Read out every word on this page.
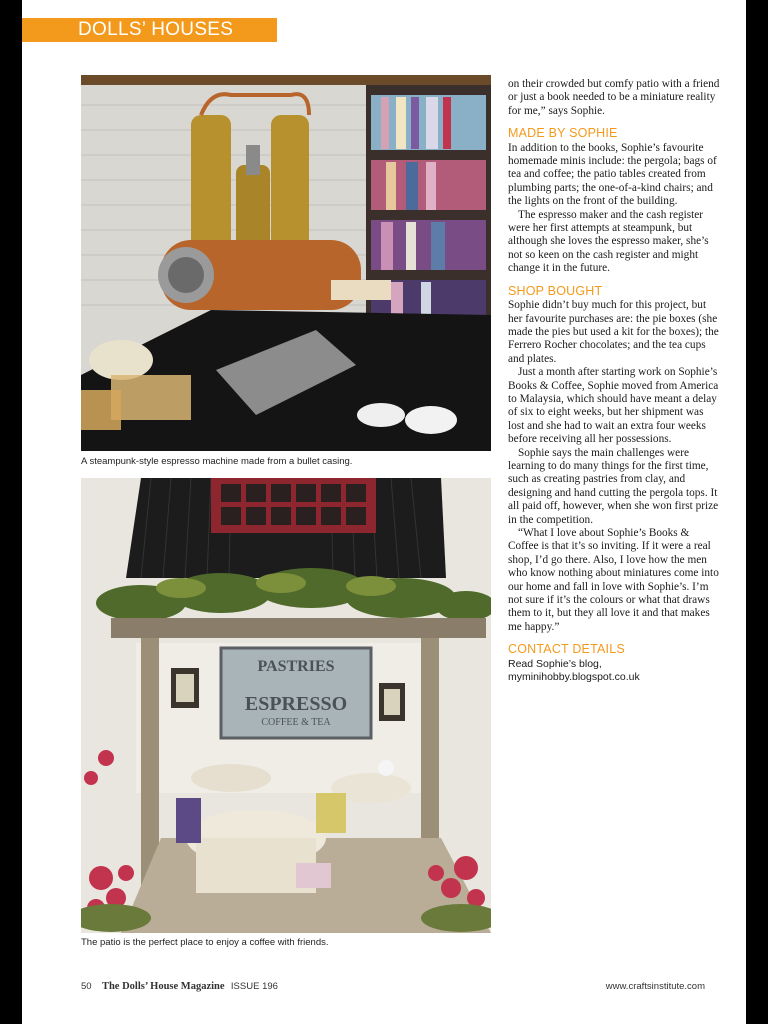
DOLLS’ HOUSES
A steampunk-style espresso machine made from a bullet casing.
PASTRIES
ESPRESSO
COFFEE & TEA
The patio is the perfect place to enjoy a coffee with friends.

on their crowded but comfy patio with a friend or just a book needed to be a miniature reality for me,” says Sophie.

MADE BY SOPHIE

In addition to the books, Sophie’s favourite homemade minis include: the pergola; bags of tea and coffee; the patio tables created from plumbing parts; the one-of-a-kind chairs; and the lights on the front of the building.

The espresso maker and the cash register were her first attempts at steampunk, but although she loves the espresso maker, she’s not so keen on the cash register and might change it in the future.

SHOP BOUGHT

Sophie didn’t buy much for this project, but her favourite purchases are: the pie boxes (she made the pies but used a kit for the boxes); the Ferrero Rocher chocolates; and the tea cups and plates.

Just a month after starting work on Sophie’s Books & Coffee, Sophie moved from America to Malaysia, which should have meant a delay of six to eight weeks, but her shipment was lost and she had to wait an extra four weeks before receiving all her possessions.

Sophie says the main challenges were learning to do many things for the first time, such as creating pastries from clay, and designing and hand cutting the pergola tops. It all paid off, however, when she won first prize in the competition.

“What I love about Sophie’s Books & Coffee is that it’s so inviting. If it were a real shop, I’d go there. Also, I love how the men who know nothing about miniatures come into our home and fall in love with Sophie’s. I’m not sure if it’s the colours or what that draws them to it, but they all love it and that makes me happy.”

CONTACT DETAILS

Read Sophie’s blog,

myminihobby.blogspot.co.uk

50 The Dolls’ House Magazine ISSUE 196	www.craftsinstitute.com
